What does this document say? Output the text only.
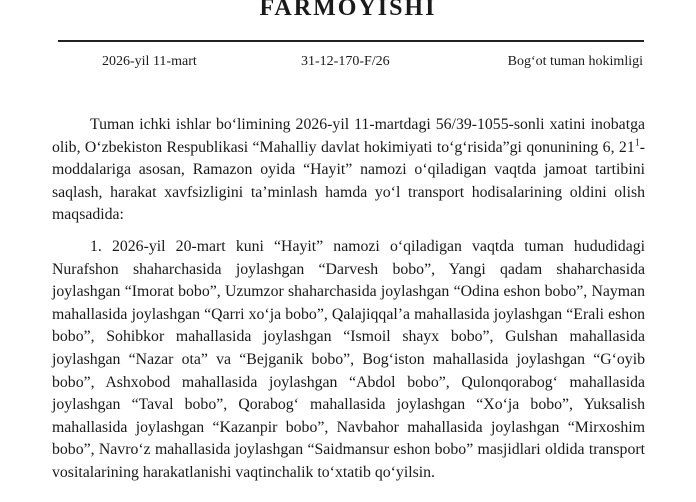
FARMOYISHI
2026-yil 11-mart	31-12-170-F/26	Bog‘ot tuman hokimligi

Tuman ichki ishlar bo‘limining 2026-yil 11-martdagi 56/39-1055-sonli xatini inobatga olib, O‘zbekiston Respublikasi “Mahalliy davlat hokimiyati to‘g‘risida”gi qonunining 6, $21^1$-moddalariga asosan, Ramazon oyida “Hayit” namozi o‘qiladigan vaqtda jamoat tartibini saqlash, harakat xavfsizligini ta’minlash hamda yo‘l transport hodisalarining oldini olish maqsadida:

1. 2026-yil 20-mart kuni “Hayit” namozi o‘qiladigan vaqtda tuman hududidagi Nurafshon shaharchasida joylashgan “Darvesh bobo”, Yangi qadam shaharchasida joylashgan “Imorat bobo”, Uzumzor shaharchasida joylashgan “Odina eshon bobo”, Nayman mahallasida joylashgan “Qarri xo‘ja bobo”, Qalajiqqal’a mahallasida joylashgan “Erali eshon bobo”, Sohibkor mahallasida joylashgan “Ismoil shayx bobo”, Gulshan mahallasida joylashgan “Nazar ota” va “Bejganik bobo”, Bog‘iston mahallasida joylashgan “G‘oyib bobo”, Ashxobod mahallasida joylashgan “Abdol bobo”, Qulonqorabog‘ mahallasida joylashgan “Taval bobo”, Qorabog‘ mahallasida joylashgan “Xo‘ja bobo”, Yuksalish mahallasida joylashgan “Kazanpir bobo”, Navbahor mahallasida joylashgan “Mirxoshim bobo”, Navro‘z mahallasida joylashgan “Saidmansur eshon bobo” masjidlari oldida transport vositalarining harakatlanishi vaqtinchalik to‘xtatib qo‘yilsin.
